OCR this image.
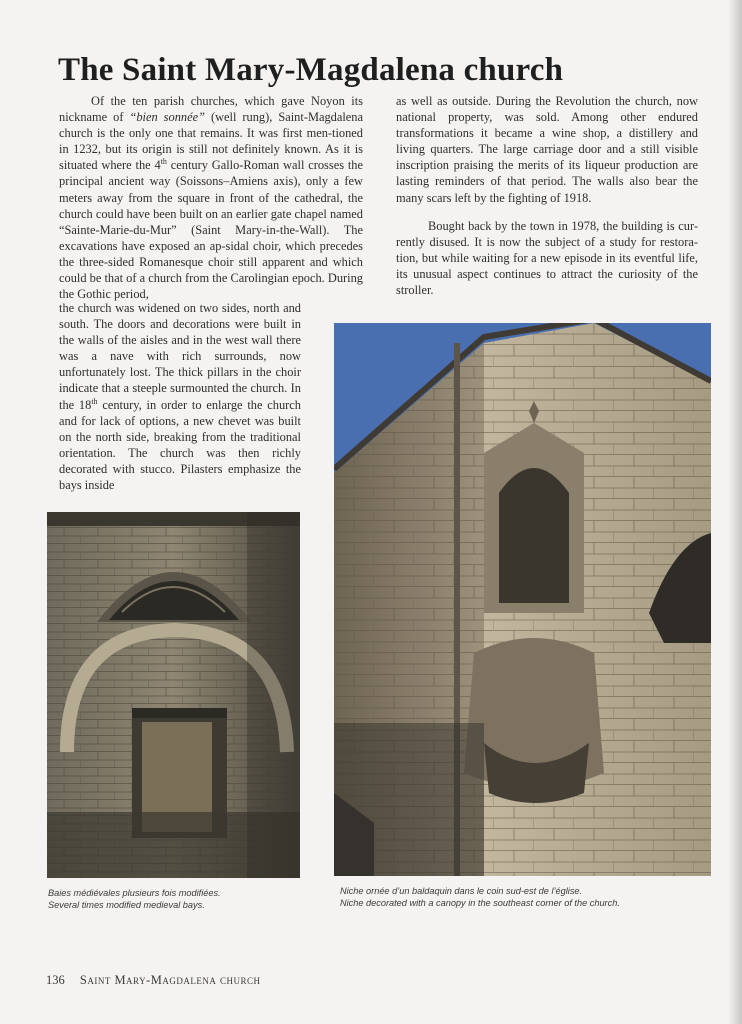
The Saint Mary-Magdalena church

Of the ten parish churches, which gave Noyon its nickname of “bien sonnée” (well rung), Saint-Magdalena church is the only one that remains. It was first men-tioned in 1232, but its origin is still not definitely known. As it is situated where the 4th century Gallo-Roman wall crosses the principal ancient way (Soissons–Amiens axis), only a few meters away from the square in front of the cathedral, the church could have been built on an earlier gate chapel named “Sainte-Marie-du-Mur” (Saint Mary-in-the-Wall). The excavations have exposed an ap-sidal choir, which precedes the three-sided Romanesque choir still apparent and which could be that of a church from the Carolingian epoch. During the Gothic period,

the church was widened on two sides, north and south. The doors and decorations were built in the walls of the aisles and in the west wall there was a nave with rich surrounds, now unfortunately lost. The thick pillars in the choir indicate that a steeple surmounted the church. In the 18th century, in order to enlarge the church and for lack of options, a new chevet was built on the north side, breaking from the traditional orientation. The church was then richly decorated with stucco. Pilasters emphasize the bays inside

as well as outside. During the Revolution the church, now national property, was sold. Among other endured transformations it became a wine shop, a distillery and living quarters. The large carriage door and a still visible inscription praising the merits of its liqueur production are lasting reminders of that period. The walls also bear the many scars left by the fighting of 1918.

Bought back by the town in 1978, the building is cur-rently disused. It is now the subject of a study for restora-tion, but while waiting for a new episode in its eventful life, its unusual aspect continues to attract the curiosity of the stroller.

Baies médiévales plusieurs fois modifiées.
Several times modified medieval bays.
Niche ornée d’un baldaquin dans le coin sud-est de l’église.
Niche decorated with a canopy in the southeast corner of the church.
136 Saint Mary-Magdalena church
